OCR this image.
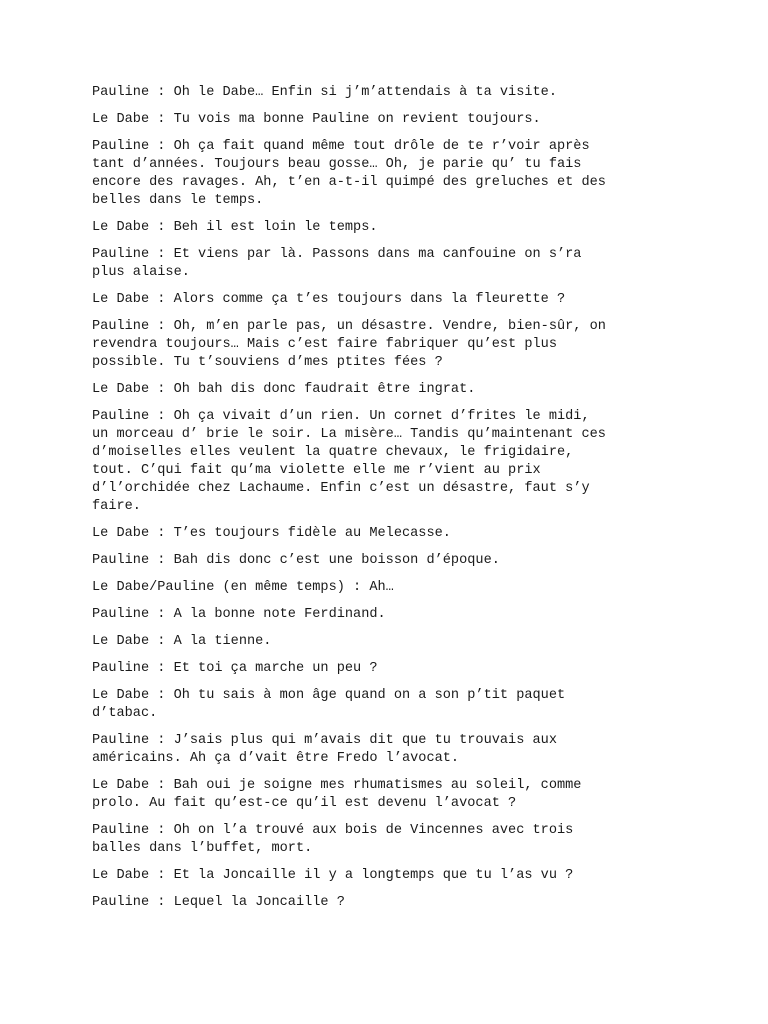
Pauline : Oh le Dabe… Enfin si j’m’attendais à ta visite.

Le Dabe : Tu vois ma bonne Pauline on revient toujours.

Pauline : Oh ça fait quand même tout drôle de te r’voir après
tant d’années. Toujours beau gosse… Oh, je parie qu’ tu fais
encore des ravages. Ah, t’en a-t-il quimpé des greluches et des
belles dans le temps.

Le Dabe : Beh il est loin le temps.

Pauline : Et viens par là. Passons dans ma canfouine on s’ra
plus alaise.

Le Dabe : Alors comme ça t’es toujours dans la fleurette ?

Pauline : Oh, m’en parle pas, un désastre. Vendre, bien-sûr, on
revendra toujours… Mais c’est faire fabriquer qu’est plus
possible. Tu t’souviens d’mes ptites fées ?

Le Dabe : Oh bah dis donc faudrait être ingrat.

Pauline : Oh ça vivait d’un rien. Un cornet d’frites le midi,
un morceau d’ brie le soir. La misère… Tandis qu’maintenant ces
d’moiselles elles veulent la quatre chevaux, le frigidaire,
tout. C’qui fait qu’ma violette elle me r’vient au prix
d’l’orchidée chez Lachaume. Enfin c’est un désastre, faut s’y
faire.

Le Dabe : T’es toujours fidèle au Melecasse.

Pauline : Bah dis donc c’est une boisson d’époque.

Le Dabe/Pauline (en même temps) : Ah…

Pauline : A la bonne note Ferdinand.

Le Dabe : A la tienne.

Pauline : Et toi ça marche un peu ?

Le Dabe : Oh tu sais à mon âge quand on a son p’tit paquet
d’tabac.

Pauline : J’sais plus qui m’avais dit que tu trouvais aux
américains. Ah ça d’vait être Fredo l’avocat.

Le Dabe : Bah oui je soigne mes rhumatismes au soleil, comme
prolo. Au fait qu’est-ce qu’il est devenu l’avocat ?

Pauline : Oh on l’a trouvé aux bois de Vincennes avec trois
balles dans l’buffet, mort.

Le Dabe : Et la Joncaille il y a longtemps que tu l’as vu ?

Pauline : Lequel la Joncaille ?
